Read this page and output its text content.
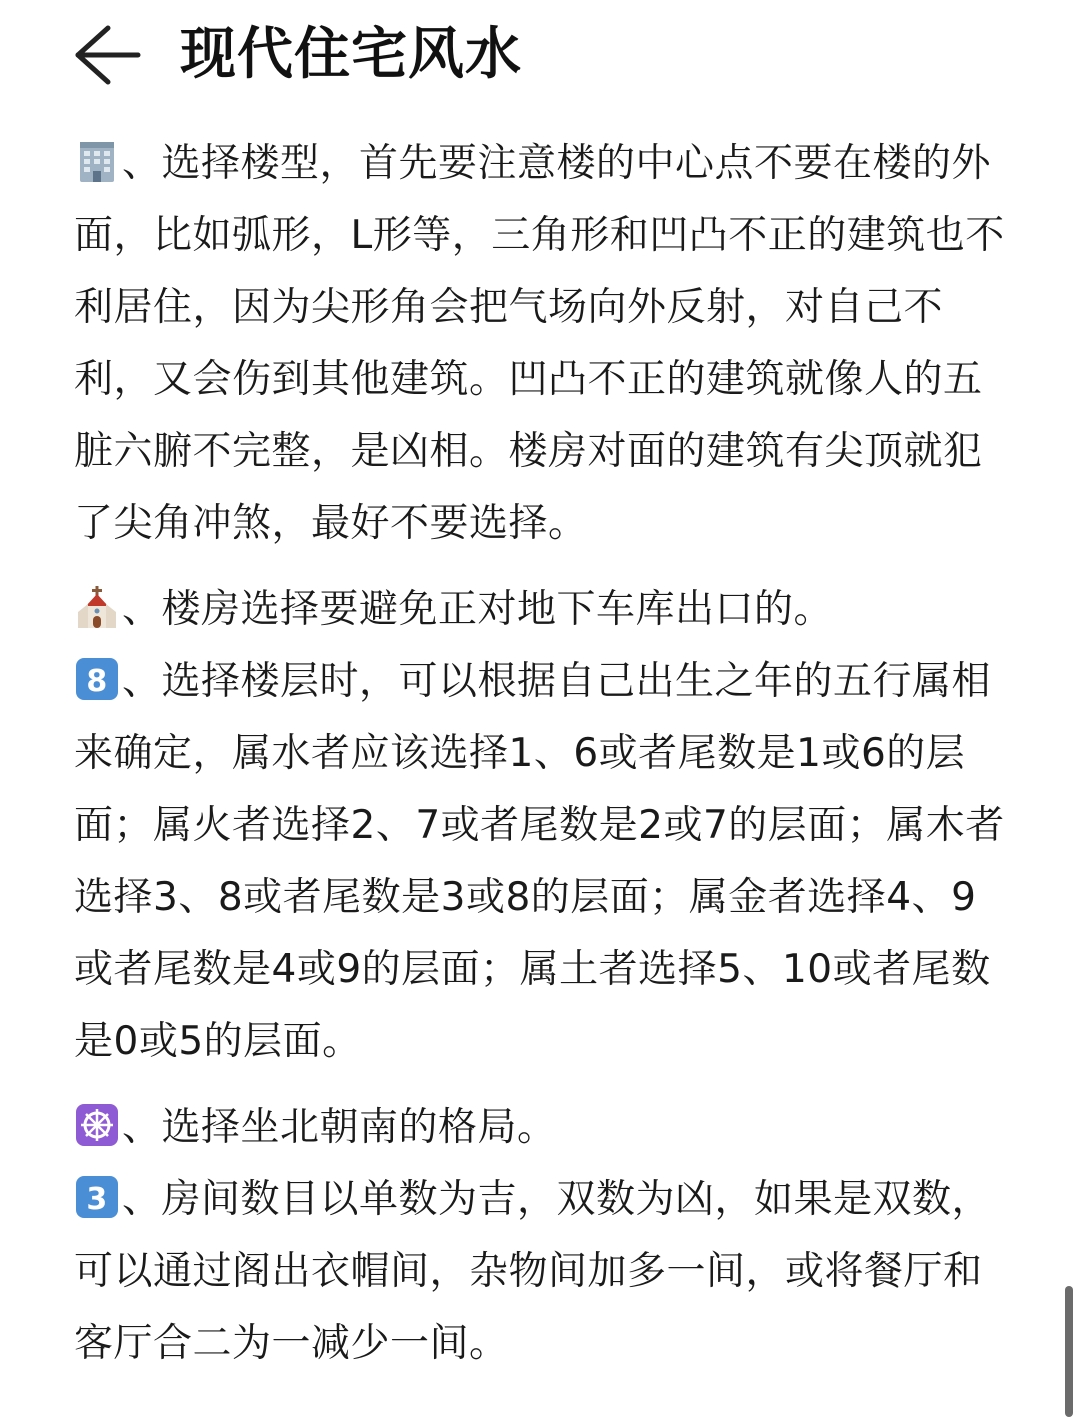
现代住宅风水

、选择楼型，首先要注意楼的中心点不要在楼的外面，比如弧形，L形等，三角形和凹凸不正的建筑也不利居住，因为尖形角会把气场向外反射，对自己不利，又会伤到其他建筑。凹凸不正的建筑就像人的五脏六腑不完整，是凶相。楼房对面的建筑有尖顶就犯了尖角冲煞，最好不要选择。

、楼房选择要避免正对地下车库出口的。

8 、选择楼层时，可以根据自己出生之年的五行属相来确定，属水者应该选择1、6或者尾数是1或6的层面；属火者选择2、7或者尾数是2或7的层面；属木者选择3、8或者尾数是3或8的层面；属金者选择4、9或者尾数是4或9的层面；属土者选择5、10或者尾数是0或5的层面。

、选择坐北朝南的格局。

3 、房间数目以单数为吉，双数为凶，如果是双数，可以通过阁出衣帽间，杂物间加多一间，或将餐厅和客厅合二为一减少一间。
